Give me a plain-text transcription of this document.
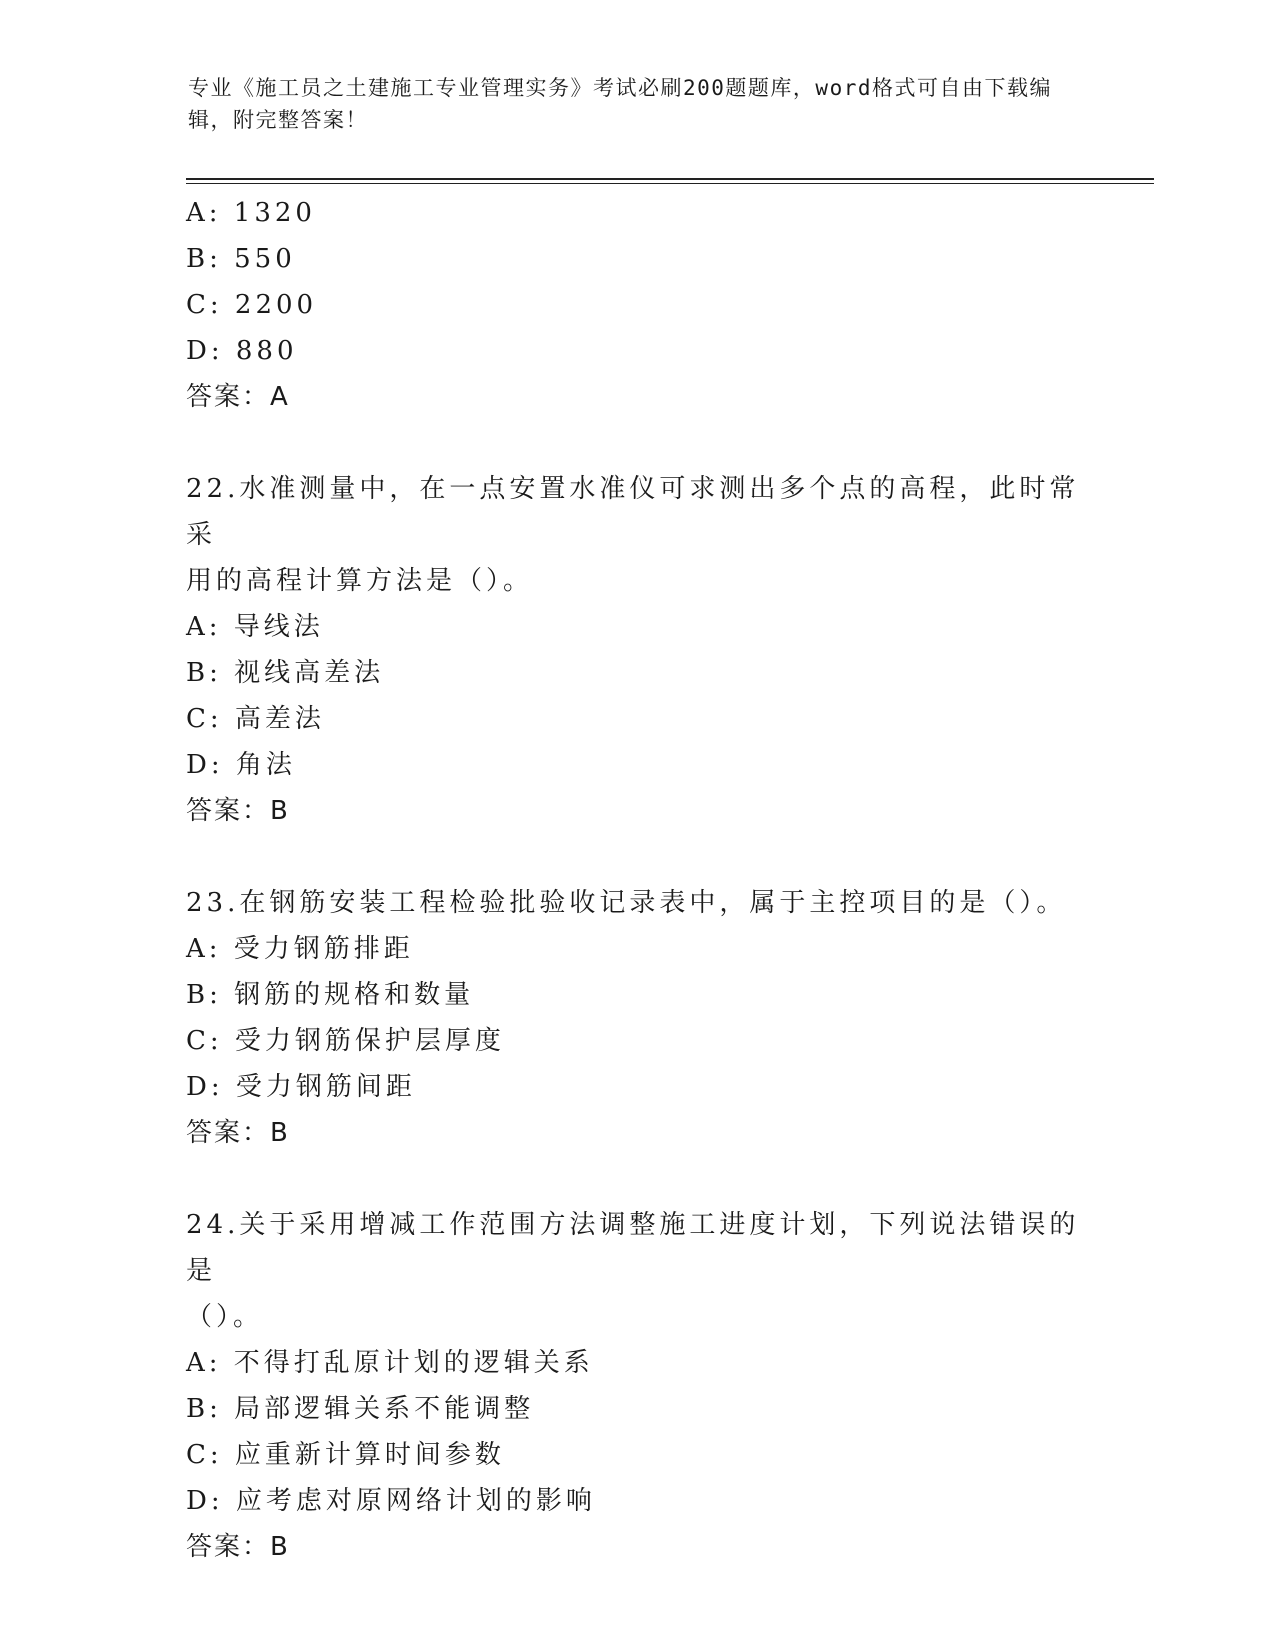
专业《施工员之土建施工专业管理实务》考试必刷200题题库，word格式可自由下载编辑，附完整答案！
A: 1320
B: 550
C: 2200
D: 880
答案：A
22.水准测量中，在一点安置水准仪可求测出多个点的高程，此时常采
用的高程计算方法是（）。
A: 导线法
B: 视线高差法
C: 高差法
D: 角法
答案：B
23.在钢筋安装工程检验批验收记录表中，属于主控项目的是（）。
A: 受力钢筋排距
B: 钢筋的规格和数量
C: 受力钢筋保护层厚度
D: 受力钢筋间距
答案：B
24.关于采用增减工作范围方法调整施工进度计划，下列说法错误的是
（）。
A: 不得打乱原计划的逻辑关系
B: 局部逻辑关系不能调整
C: 应重新计算时间参数
D: 应考虑对原网络计划的影响
答案：B
